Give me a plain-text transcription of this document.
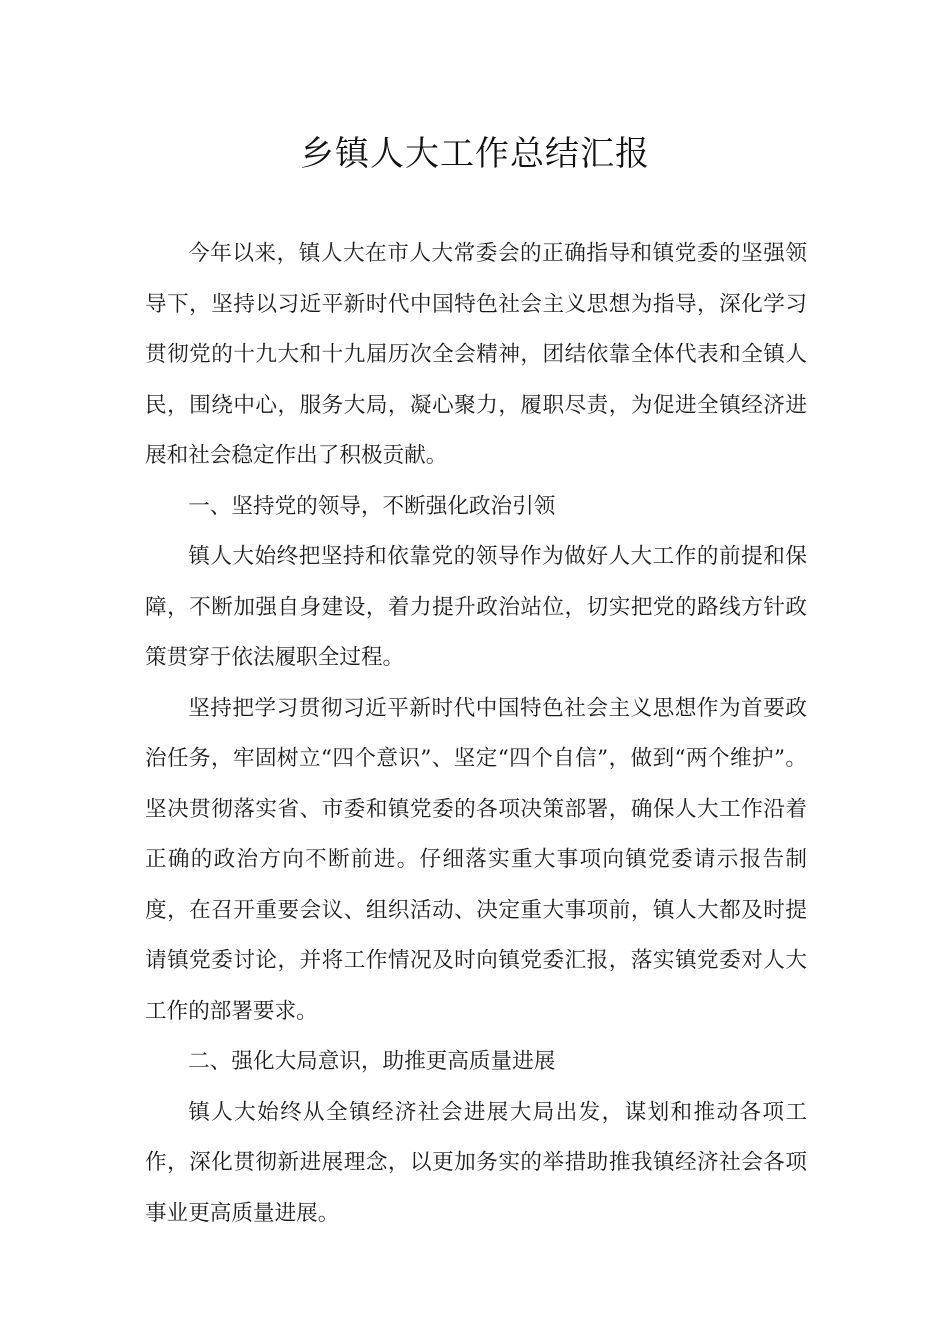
乡镇人大工作总结汇报

今年以来，镇人大在市人大常委会的正确指导和镇党委的坚强领导下，坚持以习近平新时代中国特色社会主义思想为指导，深化学习贯彻党的十九大和十九届历次全会精神，团结依靠全体代表和全镇人民，围绕中心，服务大局，凝心聚力，履职尽责，为促进全镇经济进展和社会稳定作出了积极贡献。

一、坚持党的领导，不断强化政治引领

镇人大始终把坚持和依靠党的领导作为做好人大工作的前提和保障，不断加强自身建设，着力提升政治站位，切实把党的路线方针政策贯穿于依法履职全过程。

坚持把学习贯彻习近平新时代中国特色社会主义思想作为首要政治任务，牢固树立“四个意识”、坚定“四个自信”，做到“两个维护”。坚决贯彻落实省、市委和镇党委的各项决策部署，确保人大工作沿着正确的政治方向不断前进。仔细落实重大事项向镇党委请示报告制度，在召开重要会议、组织活动、决定重大事项前，镇人大都及时提请镇党委讨论，并将工作情况及时向镇党委汇报，落实镇党委对人大工作的部署要求。

二、强化大局意识，助推更高质量进展

镇人大始终从全镇经济社会进展大局出发，谋划和推动各项工作，深化贯彻新进展理念，以更加务实的举措助推我镇经济社会各项事业更高质量进展。
